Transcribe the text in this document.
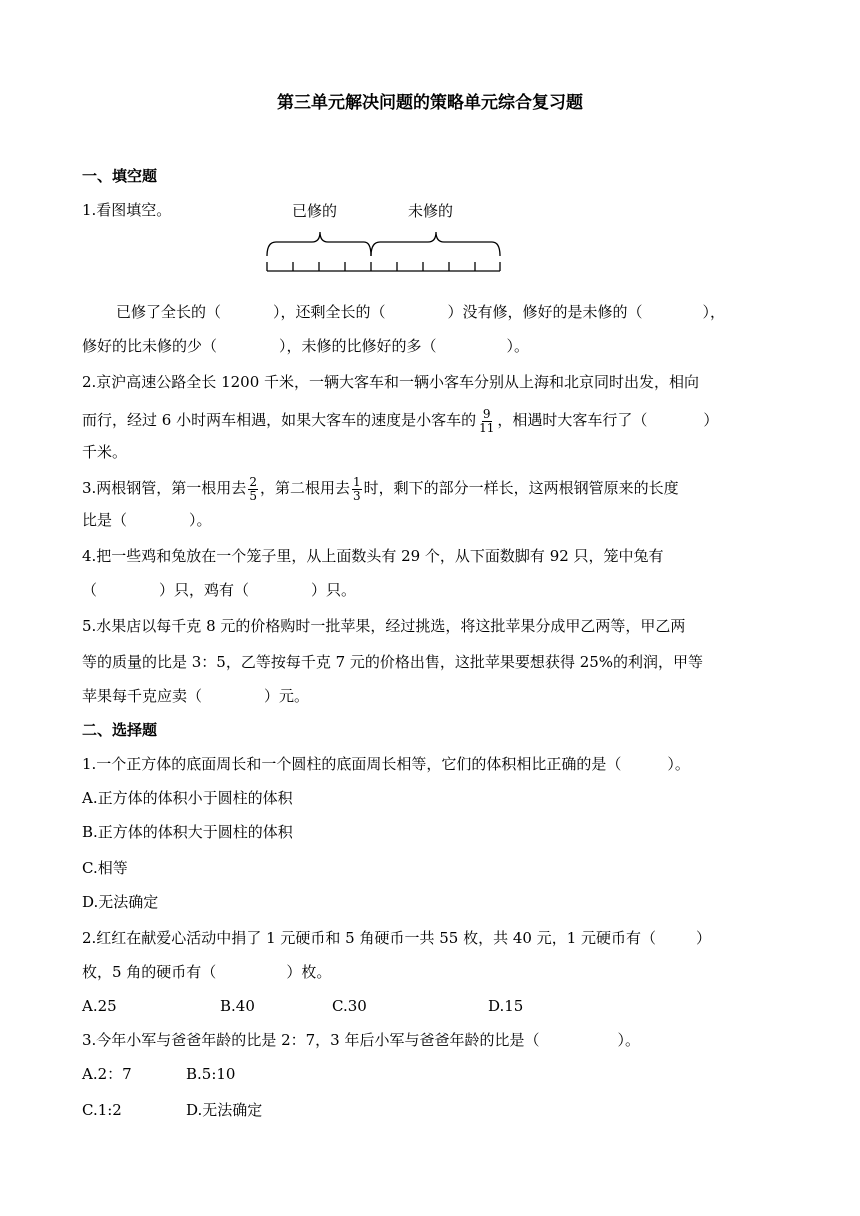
第三单元解决问题的策略单元综合复习题
一、填空题
1.看图填空。	已修的	未修的
已修了全长的（	），还剩全长的（	）没有修，修好的是未修的（	），
修好的比未修的少（	），未修的比修好的多（	）。
2.京沪高速公路全长 1200 千米，一辆大客车和一辆小客车分别从上海和北京同时出发，相向
而行，经过 6 小时两车相遇，如果大客车的速度是小客车的 $\frac{9}{11}$ ，相遇时大客车行了（	）
千米。
3.两根钢管，第一根用去 $\frac{2}{5}$ ，第二根用去 $\frac{1}{3}$ 时，剩下的部分一样长，这两根钢管原来的长度
比是（	）。
4.把一些鸡和兔放在一个笼子里，从上面数头有 29 个，从下面数脚有 92 只，笼中兔有
（	）只，鸡有（	）只。
5.水果店以每千克 8 元的价格购时一批苹果，经过挑选，将这批苹果分成甲乙两等，甲乙两
等的质量的比是 3：5，乙等按每千克 7 元的价格出售，这批苹果要想获得 25%的利润，甲等
苹果每千克应卖（	）元。
二、选择题
1.一个正方体的底面周长和一个圆柱的底面周长相等，它们的体积相比正确的是（	）。
A.正方体的体积小于圆柱的体积
B.正方体的体积大于圆柱的体积
C.相等
D.无法确定
2.红红在献爱心活动中捐了 1 元硬币和 5 角硬币一共 55 枚，共 40 元，1 元硬币有（	）
枚，5 角的硬币有（	）枚。
A.25	B.40	C.30	D.15
3.今年小军与爸爸年龄的比是 2：7，3 年后小军与爸爸年龄的比是（	）。
A.2：7	B.5:10
C.1:2	D.无法确定
